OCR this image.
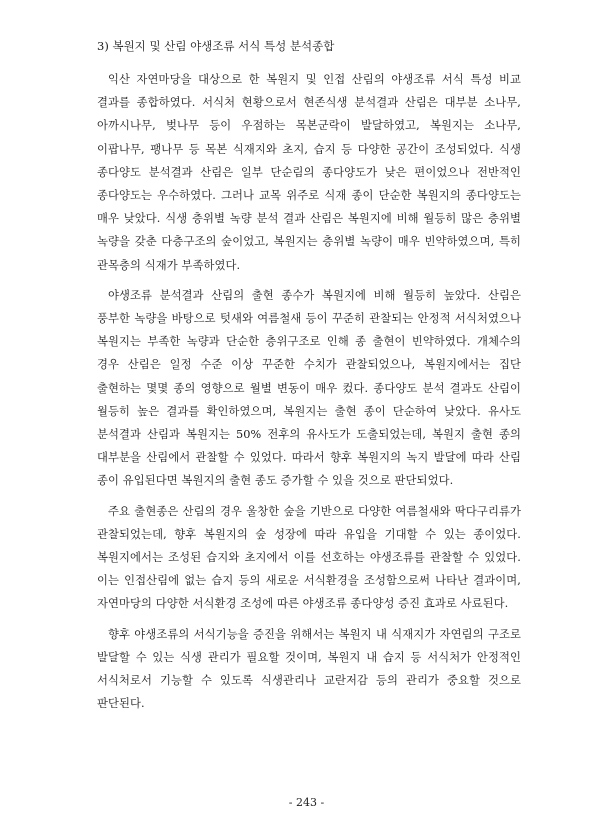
3) 복원지 및 산림 야생조류 서식 특성 분석종합

익산 자연마당을 대상으로 한 복원지 및 인접 산림의 야생조류 서식 특성 비교 결과를 종합하였다. 서식처 현황으로서 현존식생 분석결과 산림은 대부분 소나무, 아까시나무, 벚나무 등이 우점하는 목본군락이 발달하였고, 복원지는 소나무, 이팝나무, 팽나무 등 목본 식재지와 초지, 습지 등 다양한 공간이 조성되었다. 식생 종다양도 분석결과 산림은 일부 단순림의 종다양도가 낮은 편이었으나 전반적인 종다양도는 우수하였다. 그러나 교목 위주로 식재 종이 단순한 복원지의 종다양도는 매우 낮았다. 식생 층위별 녹량 분석 결과 산림은 복원지에 비해 월등히 많은 층위별 녹량을 갖춘 다층구조의 숲이었고, 복원지는 층위별 녹량이 매우 빈약하였으며, 특히 관목층의 식재가 부족하였다.

야생조류 분석결과 산림의 출현 종수가 복원지에 비해 월등히 높았다. 산림은 풍부한 녹량을 바탕으로 텃새와 여름철새 등이 꾸준히 관찰되는 안정적 서식처였으나 복원지는 부족한 녹량과 단순한 층위구조로 인해 종 출현이 빈약하였다. 개체수의 경우 산림은 일정 수준 이상 꾸준한 수치가 관찰되었으나, 복원지에서는 집단 출현하는 몇몇 종의 영향으로 월별 변동이 매우 컸다. 종다양도 분석 결과도 산림이 월등히 높은 결과를 확인하였으며, 복원지는 출현 종이 단순하여 낮았다. 유사도 분석결과 산림과 복원지는 50% 전후의 유사도가 도출되었는데, 복원지 출현 종의 대부분을 산림에서 관찰할 수 있었다. 따라서 향후 복원지의 녹지 발달에 따라 산림 종이 유입된다면 복원지의 출현 종도 증가할 수 있을 것으로 판단되었다.

주요 출현종은 산림의 경우 울창한 숲을 기반으로 다양한 여름철새와 딱다구리류가 관찰되었는데, 향후 복원지의 숲 성장에 따라 유입을 기대할 수 있는 종이었다. 복원지에서는 조성된 습지와 초지에서 이를 선호하는 야생조류를 관찰할 수 있었다. 이는 인접산림에 없는 습지 등의 새로운 서식환경을 조성함으로써 나타난 결과이며, 자연마당의 다양한 서식환경 조성에 따른 야생조류 종다양성 증진 효과로 사료된다.

향후 야생조류의 서식기능을 증진을 위해서는 복원지 내 식재지가 자연림의 구조로 발달할 수 있는 식생 관리가 필요할 것이며, 복원지 내 습지 등 서식처가 안정적인 서식처로서 기능할 수 있도록 식생관리나 교란저감 등의 관리가 중요할 것으로 판단된다.

- 243 -
